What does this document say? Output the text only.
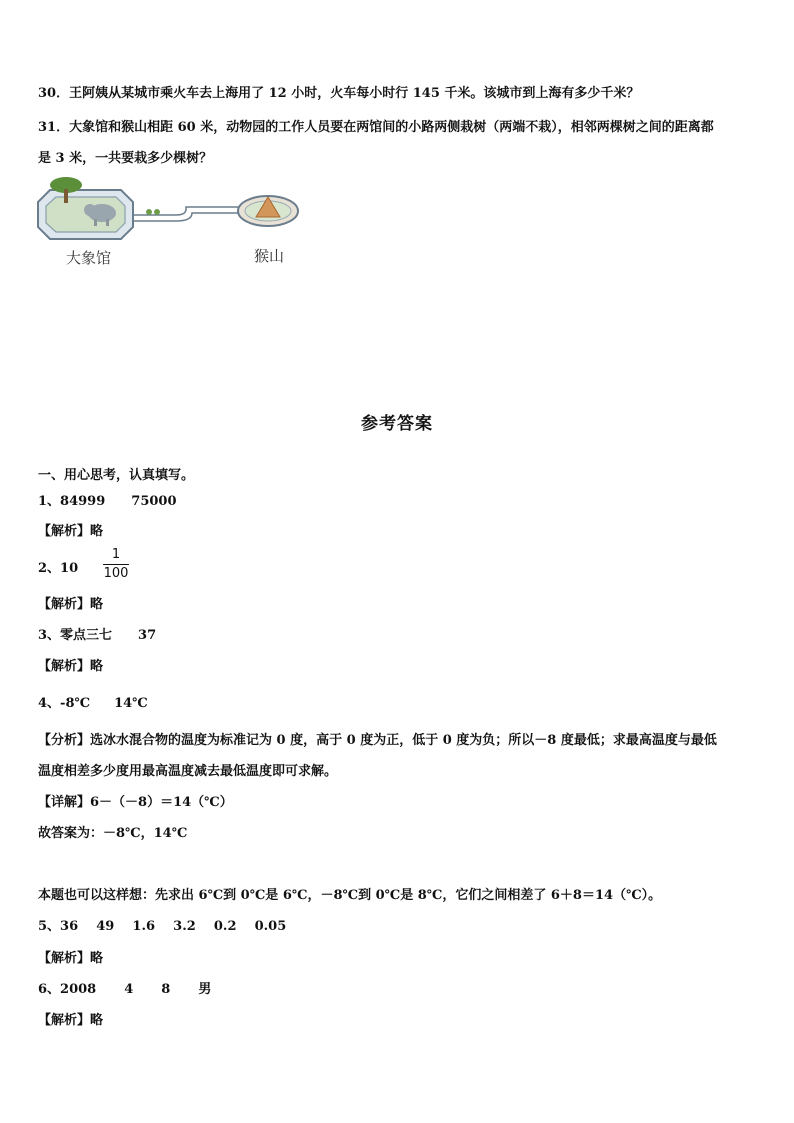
30．王阿姨从某城市乘火车去上海用了 12 小时，火车每小时行 145 千米。该城市到上海有多少千米？
31．大象馆和猴山相距 60 米，动物园的工作人员要在两馆间的小路两侧栽树（两端不栽），相邻两棵树之间的距离都
是 3 米，一共要栽多少棵树？
大象馆	猴山
参考答案
一、用心思考，认真填写。
1、84999 75000
【解析】略
2、10
1
100
【解析】略
3、零点三七 37
【解析】略
4、-8℃ 14℃
【分析】选冰水混合物的温度为标准记为 0 度，高于 0 度为正，低于 0 度为负；所以－8 度最低；求最高温度与最低
温度相差多少度用最高温度减去最低温度即可求解。
【详解】6－（－8）＝14（℃）
故答案为：－8℃，14℃
本题也可以这样想：先求出 6℃到 0℃是 6℃，－8℃到 0℃是 8℃，它们之间相差了 6＋8＝14（℃）。
5、36    49    1.6    3.2    0.2    0.05
【解析】略
6、2008 4 8 男
【解析】略
